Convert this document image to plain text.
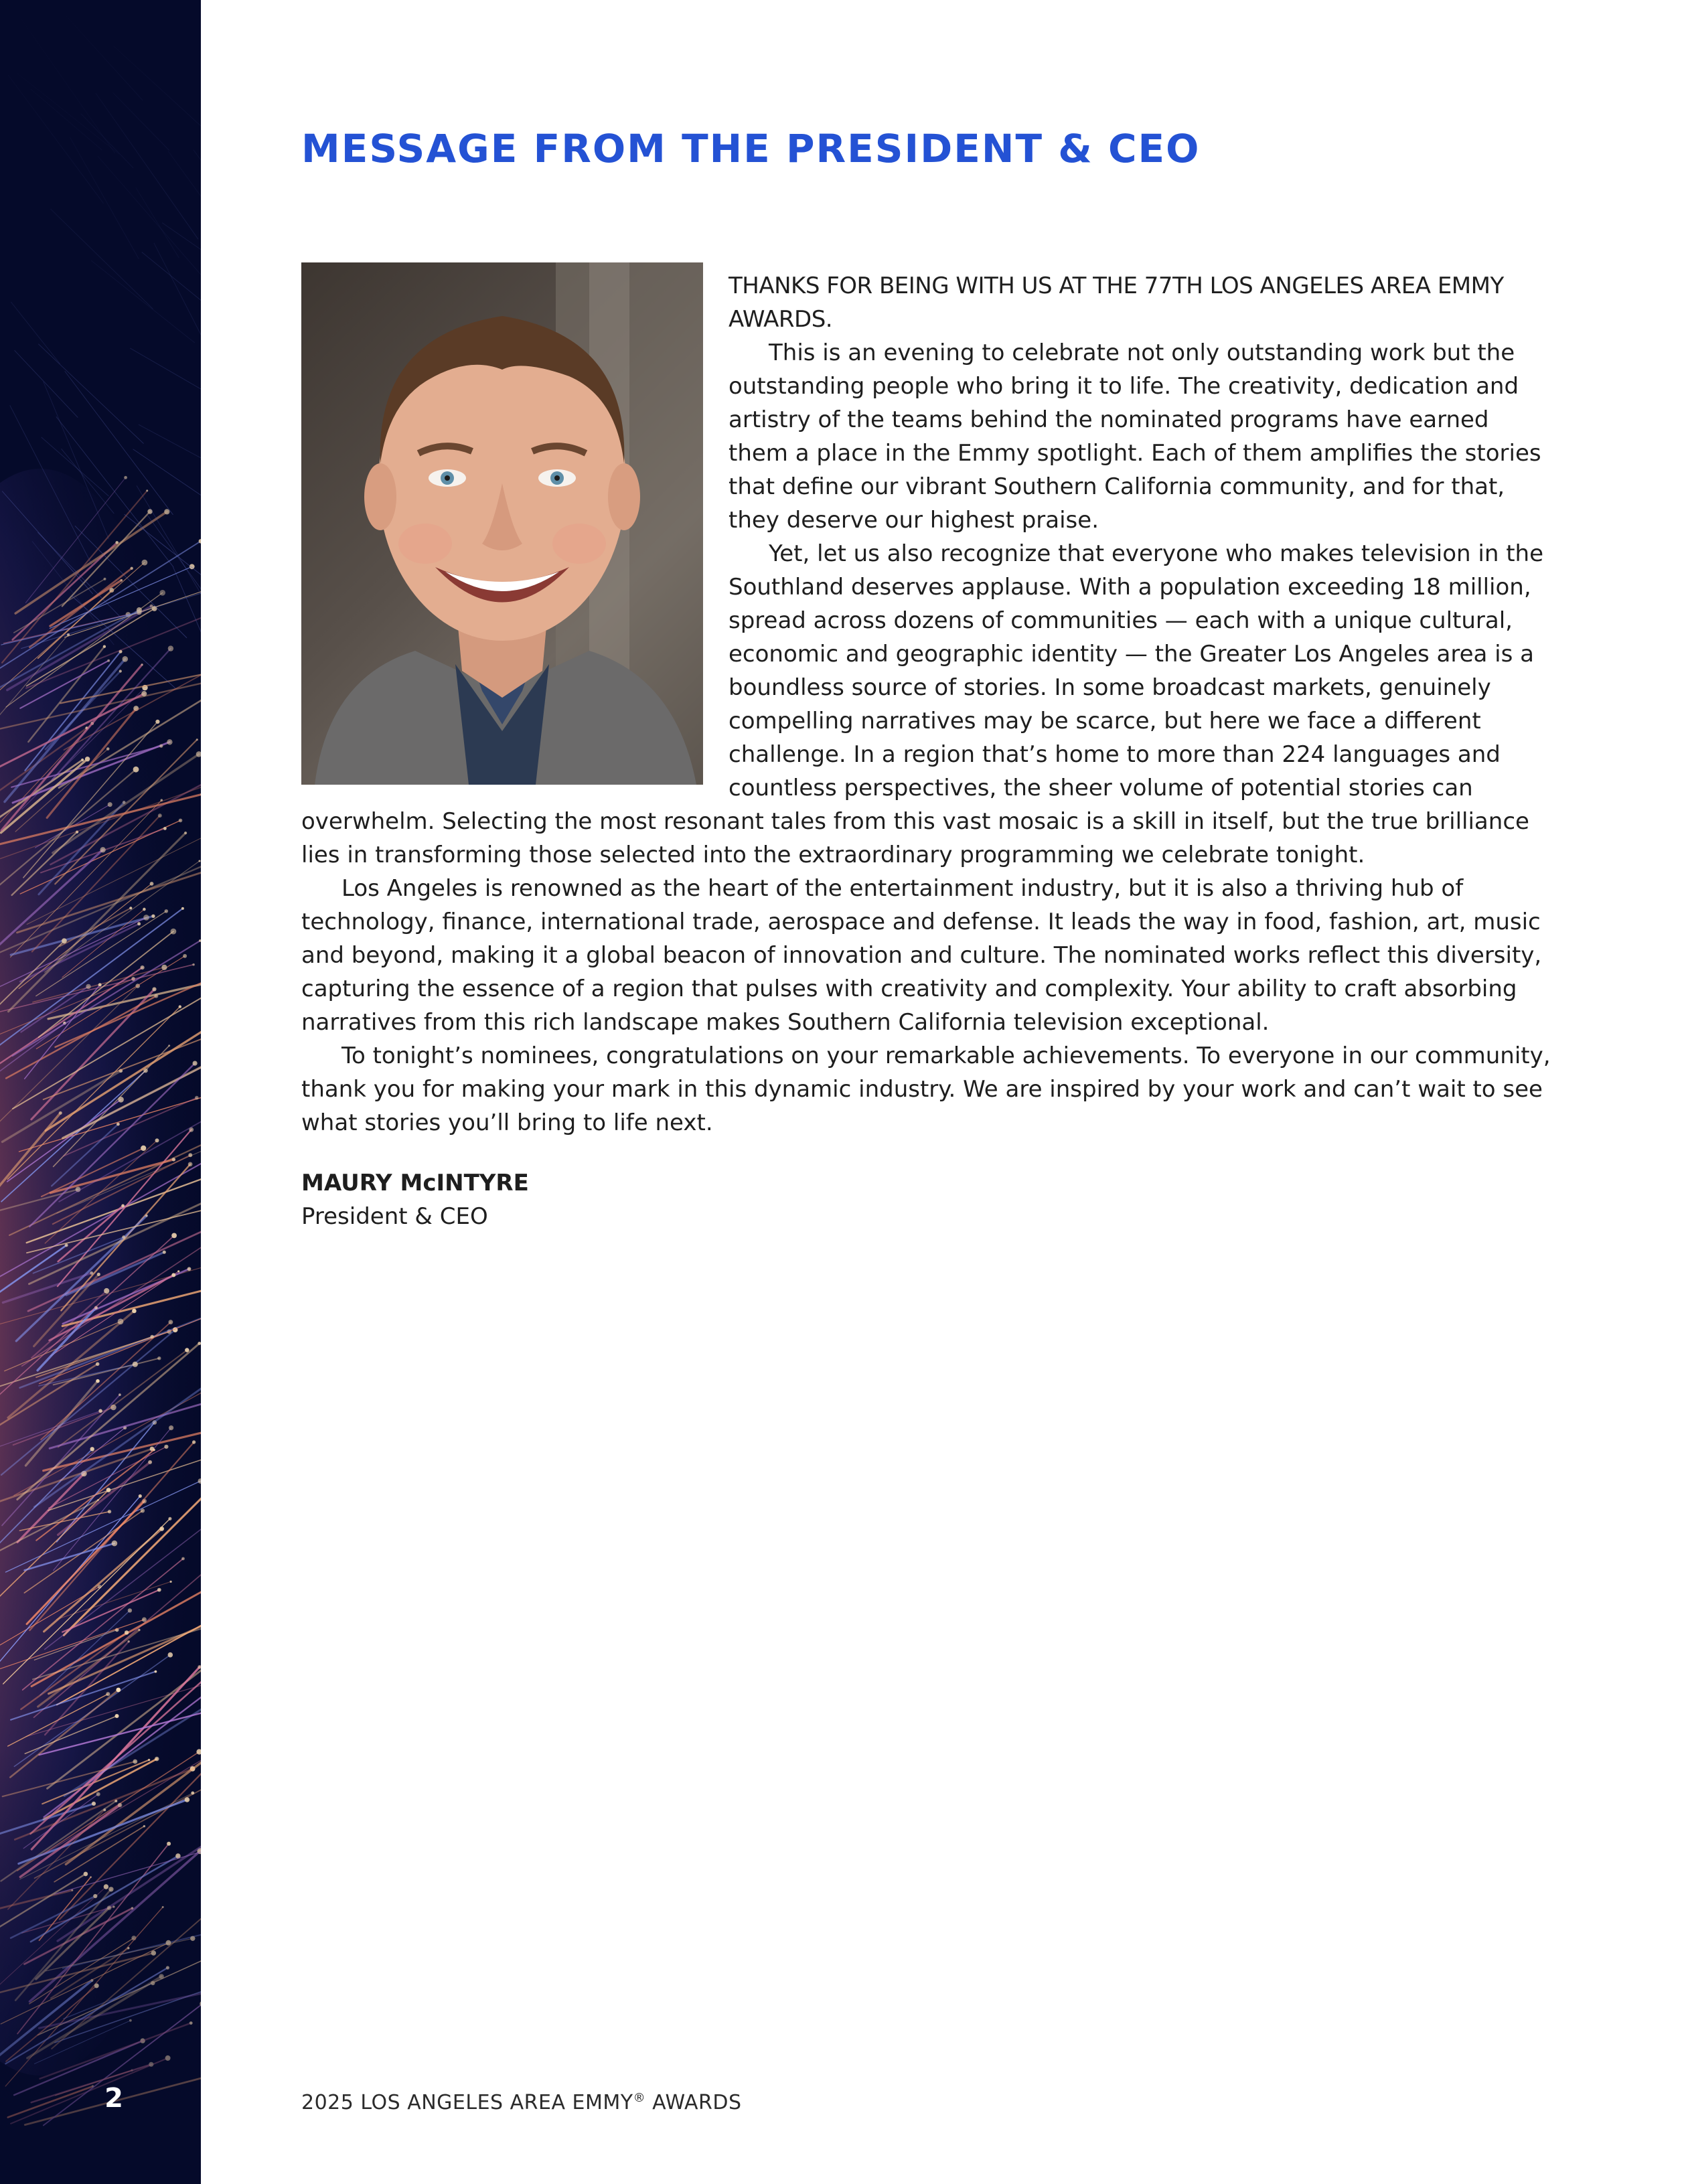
2
MESSAGE FROM THE PRESIDENT & CEO

THANKS FOR BEING WITH US AT THE 77TH LOS ANGELES AREA EMMY AWARDS.

This is an evening to celebrate not only outstanding work but the outstanding people who bring it to life. The creativity, dedication and artistry of the teams behind the nominated programs have earned them a place in the Emmy spotlight. Each of them amplifies the stories that define our vibrant Southern California community, and for that, they deserve our highest praise.

Yet, let us also recognize that everyone who makes television in the Southland deserves applause. With a population exceeding 18 million, spread across dozens of communities — each with a unique cultural, economic and geographic identity — the Greater Los Angeles area is a boundless source of stories. In some broadcast markets, genuinely compelling narratives may be scarce, but here we face a different challenge. In a region that’s home to more than 224 languages and countless perspectives, the sheer volume of potential stories can overwhelm. Selecting the most resonant tales from this vast mosaic is a skill in itself, but the true brilliance lies in transforming those selected into the extraordinary programming we celebrate tonight.

Los Angeles is renowned as the heart of the entertainment industry, but it is also a thriving hub of technology, finance, international trade, aerospace and defense. It leads the way in food, fashion, art, music and beyond, making it a global beacon of innovation and culture. The nominated works reflect this diversity, capturing the essence of a region that pulses with creativity and complexity. Your ability to craft absorbing narratives from this rich landscape makes Southern California television exceptional.

To tonight’s nominees, congratulations on your remarkable achievements. To everyone in our community, thank you for making your mark in this dynamic industry. We are inspired by your work and can’t wait to see what stories you’ll bring to life next.

MAURY McINTYRE
President & CEO
2025 LOS ANGELES AREA EMMY® AWARDS
